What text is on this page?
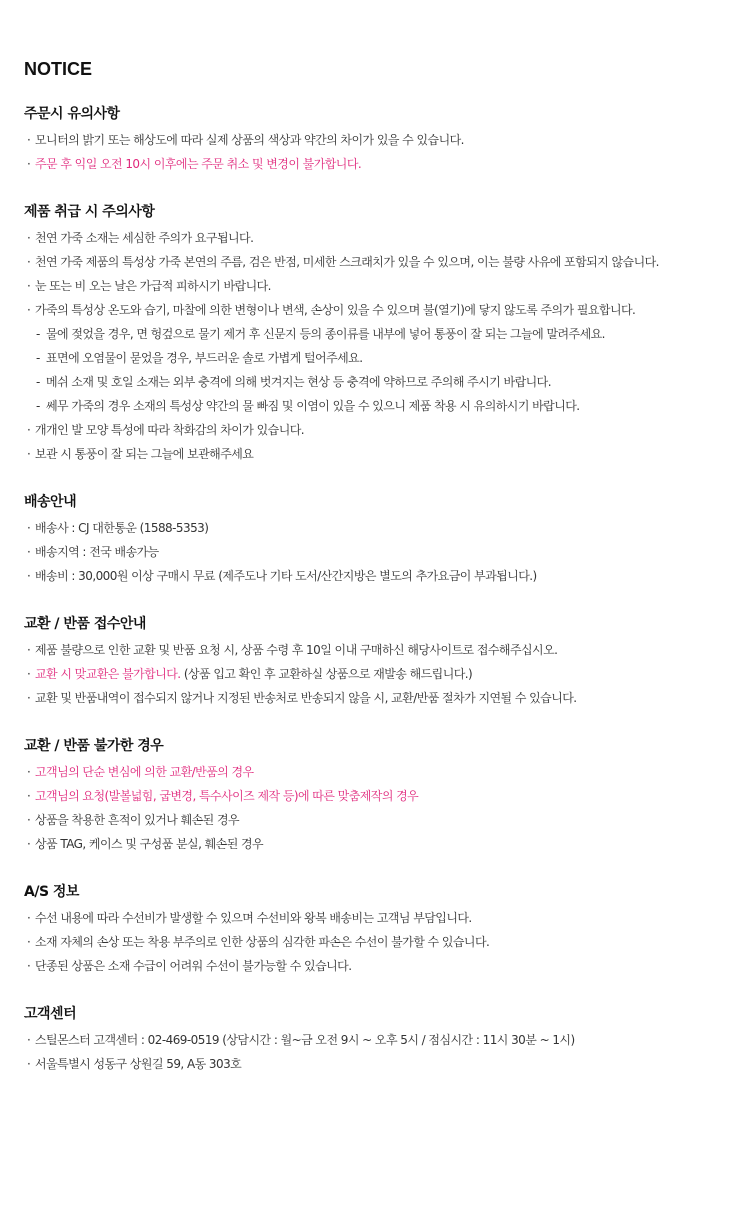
NOTICE
주문시 유의사항
· 모니터의 밝기 또는 해상도에 따라 실제 상품의 색상과 약간의 차이가 있을 수 있습니다.
· 주문 후 익일 오전 10시 이후에는 주문 취소 및 변경이 불가합니다.
제품 취급 시 주의사항
· 천연 가죽 소재는 세심한 주의가 요구됩니다.
· 천연 가죽 제품의 특성상 가죽 본연의 주름, 검은 반점, 미세한 스크래치가 있을 수 있으며, 이는 불량 사유에 포함되지 않습니다.
· 눈 또는 비 오는 날은 가급적 피하시기 바랍니다.
· 가죽의 특성상 온도와 습기, 마찰에 의한 변형이나 변색, 손상이 있을 수 있으며 불(열기)에 닿지 않도록 주의가 필요합니다.
- 물에 젖었을 경우, 면 헝겊으로 물기 제거 후 신문지 등의 종이류를 내부에 넣어 통풍이 잘 되는 그늘에 말려주세요.
- 표면에 오염물이 묻었을 경우, 부드러운 솔로 가볍게 털어주세요.
- 메쉬 소재 및 호일 소재는 외부 충격에 의해 벗겨지는 현상 등 충격에 약하므로 주의해 주시기 바랍니다.
- 쎄무 가죽의 경우 소재의 특성상 약간의 물 빠짐 및 이염이 있을 수 있으니 제품 착용 시 유의하시기 바랍니다.
· 개개인 발 모양 특성에 따라 착화감의 차이가 있습니다.
· 보관 시 통풍이 잘 되는 그늘에 보관해주세요
배송안내
· 배송사 : CJ 대한통운 (1588-5353)
· 배송지역 : 전국 배송가능
· 배송비 : 30,000원 이상 구매시 무료 (제주도나 기타 도서/산간지방은 별도의 추가요금이 부과됩니다.)
교환 / 반품 접수안내
· 제품 불량으로 인한 교환 및 반품 요청 시, 상품 수령 후 10일 이내 구매하신 해당사이트로 접수해주십시오.
· 교환 시 맞교환은 불가합니다. (상품 입고 확인 후 교환하실 상품으로 재발송 해드립니다.)
· 교환 및 반품내역이 접수되지 않거나 지정된 반송처로 반송되지 않을 시, 교환/반품 절차가 지연될 수 있습니다.
교환 / 반품 불가한 경우
· 고객님의 단순 변심에 의한 교환/반품의 경우
· 고객님의 요청(발볼넓힘, 굽변경, 특수사이즈 제작 등)에 따른 맞춤제작의 경우
· 상품을 착용한 흔적이 있거나 훼손된 경우
· 상품 TAG, 케이스 및 구성품 분실, 훼손된 경우
A/S 정보
· 수선 내용에 따라 수선비가 발생할 수 있으며 수선비와 왕복 배송비는 고객님 부담입니다.
· 소재 자체의 손상 또는 착용 부주의로 인한 상품의 심각한 파손은 수선이 불가할 수 있습니다.
· 단종된 상품은 소재 수급이 어려워 수선이 불가능할 수 있습니다.
고객센터
· 스틸몬스터 고객센터 : 02-469-0519 (상담시간 : 월~금 오전 9시 ~ 오후 5시 / 점심시간 : 11시 30분 ~ 1시)
· 서울특별시 성동구 상원길 59, A동 303호
